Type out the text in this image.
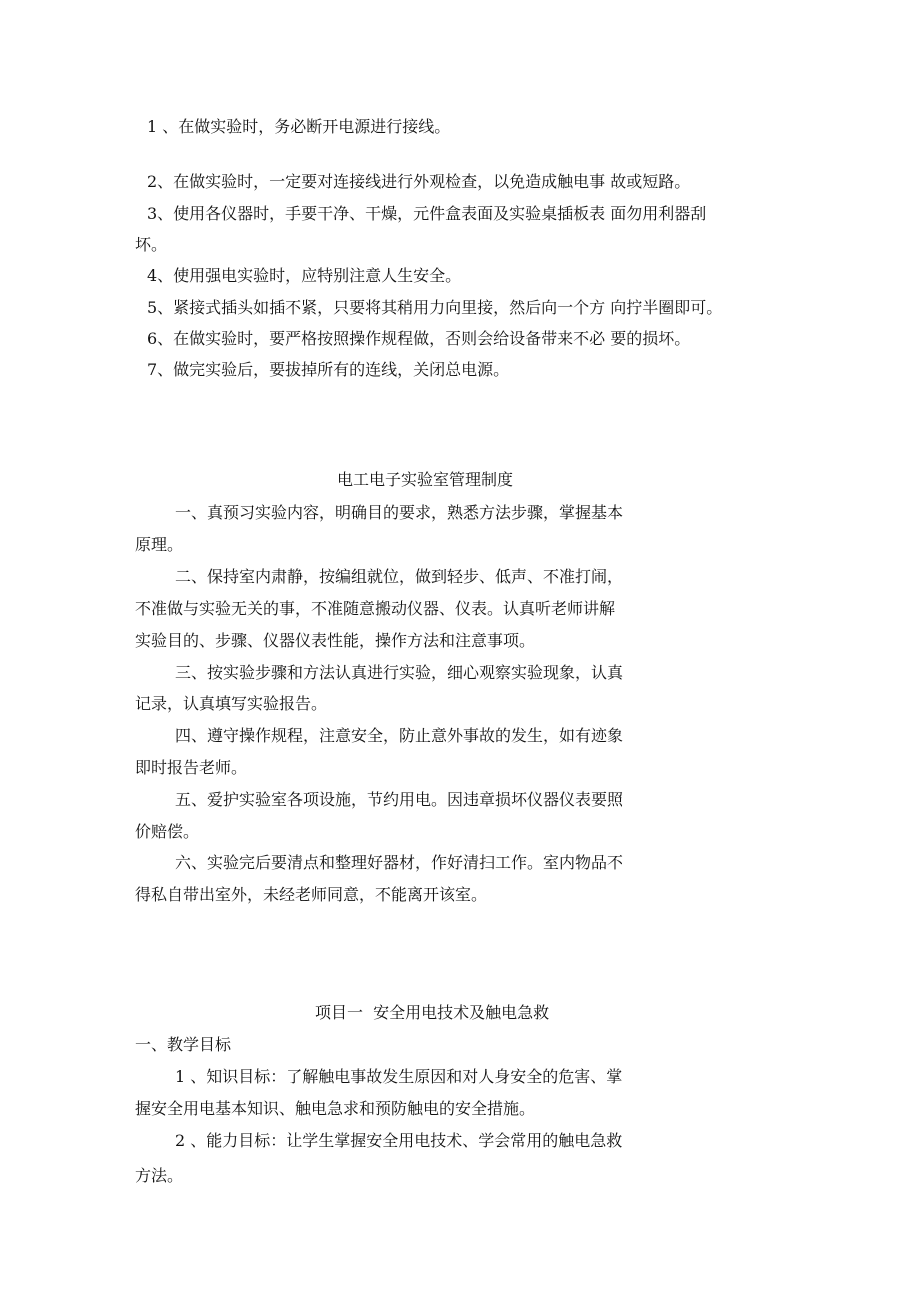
1 、在做实验时，务必断开电源进行接线。
2、在做实验时，一定要对连接线进行外观检查，以免造成触电事 故或短路。
3、使用各仪器时，手要干净、干燥，元件盒表面及实验桌插板表 面勿用利器刮
坏。
4、使用强电实验时，应特别注意人生安全。
5、紧接式插头如插不紧，只要将其稍用力向里接，然后向一个方 向拧半圈即可。
6、在做实验时，要严格按照操作规程做，否则会给设备带来不必 要的损坏。
7、做完实验后，要拔掉所有的连线，关闭总电源。
电工电子实验室管理制度
一、真预习实验内容，明确目的要求，熟悉方法步骤，掌握基本
原理。
二、保持室内肃静，按编组就位，做到轻步、低声、不准打闹，
不准做与实验无关的事，不准随意搬动仪器、仪表。认真听老师讲解
实验目的、步骤、仪器仪表性能，操作方法和注意事项。
三、按实验步骤和方法认真进行实验，细心观察实验现象，认真
记录，认真填写实验报告。
四、遵守操作规程，注意安全，防止意外事故的发生，如有迹象
即时报告老师。
五、爱护实验室各项设施，节约用电。因违章损坏仪器仪表要照
价赔偿。
六、实验完后要清点和整理好器材，作好清扫工作。室内物品不
得私自带出室外，未经老师同意，不能离开该室。
项目一  安全用电技术及触电急救
一、教学目标
1 、知识目标：了解触电事故发生原因和对人身安全的危害、掌
握安全用电基本知识、触电急求和预防触电的安全措施。
2 、能力目标：让学生掌握安全用电技术、学会常用的触电急救
方法。
